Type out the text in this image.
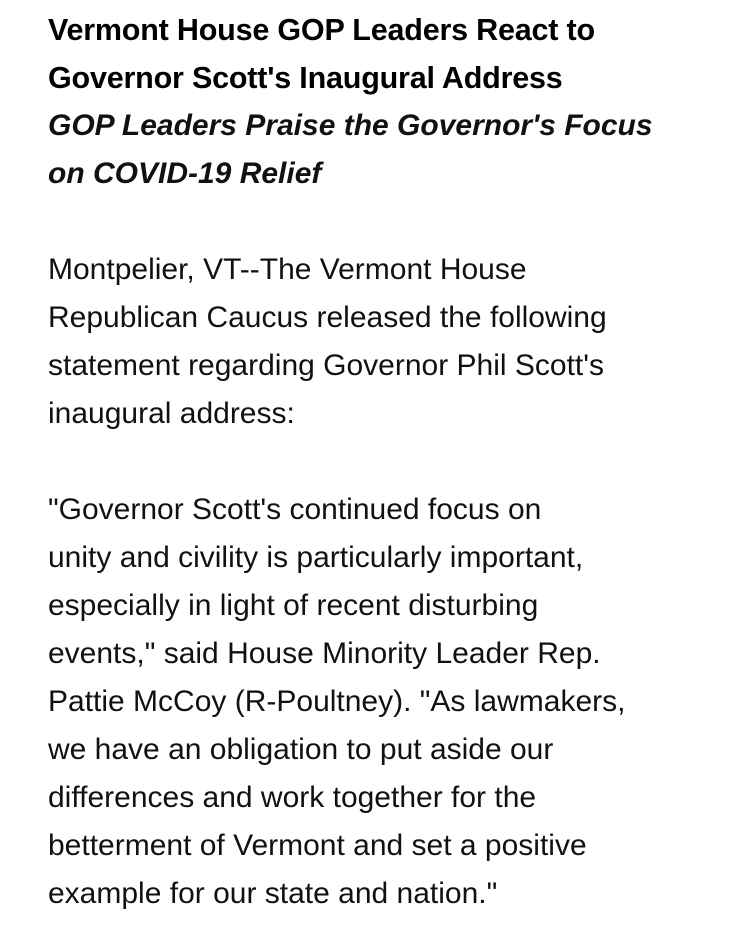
Vermont House GOP Leaders React to
Governor Scott's Inaugural Address
GOP Leaders Praise the Governor's Focus
on COVID-19 Relief

Montpelier, VT--The Vermont House
Republican Caucus released the following
statement regarding Governor Phil Scott's
inaugural address:

"Governor Scott's continued focus on
unity and civility is particularly important,
especially in light of recent disturbing
events," said House Minority Leader Rep.
Pattie McCoy (R-Poultney). "As lawmakers,
we have an obligation to put aside our
differences and work together for the
betterment of Vermont and set a positive
example for our state and nation."
